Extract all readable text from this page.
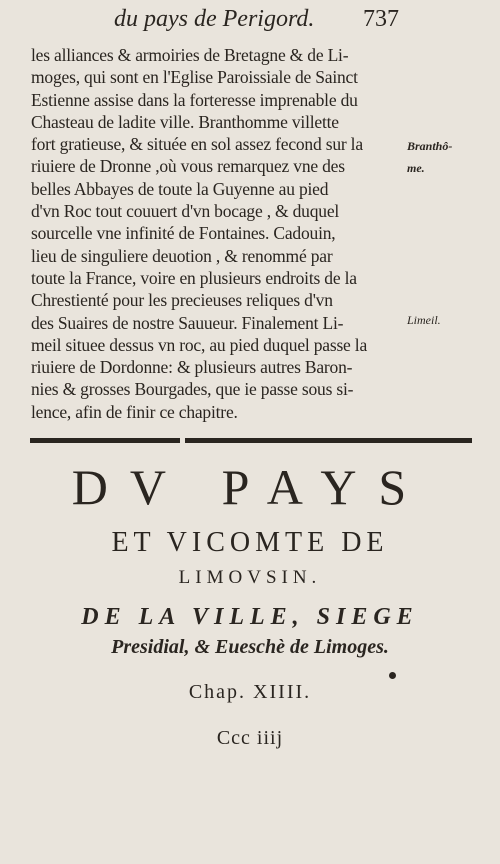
du pays de Perigord. 737
les alliances & armoiries de Bretagne & de Li-
moges, qui sont en l'Eglise Paroissiale de Sainct
Estienne assise dans la forteresse imprenable du
Chasteau de ladite ville. Branthomme villette
fort gratieuse, & située en sol assez fecond sur la
riuiere de Dronne ,où vous remarquez vne des
belles Abbayes de toute la Guyenne au pied
d'vn Roc tout couuert d'vn bocage , & duquel
sourcelle vne infinité de Fontaines. Cadouin,
lieu de singuliere deuotion , & renommé par
toute la France, voire en plusieurs endroits de la
Chrestienté pour les precieuses reliques d'vn
des Suaires de nostre Sauueur. Finalement Li-
meil situee dessus vn roc, au pied duquel passe la
riuiere de Dordonne: & plusieurs autres Baron-
nies & grosses Bourgades, que ie passe sous si-
lence, afin de finir ce chapitre.
Branthô-
me.
Limeil.
DV PAYS
ET VICOMTE DE
LIMOVSIN.
DE LA VILLE, SIEGE
Presidial, & Eueschè de Limoges.
Chap. XIIII.
Ccc iiij
